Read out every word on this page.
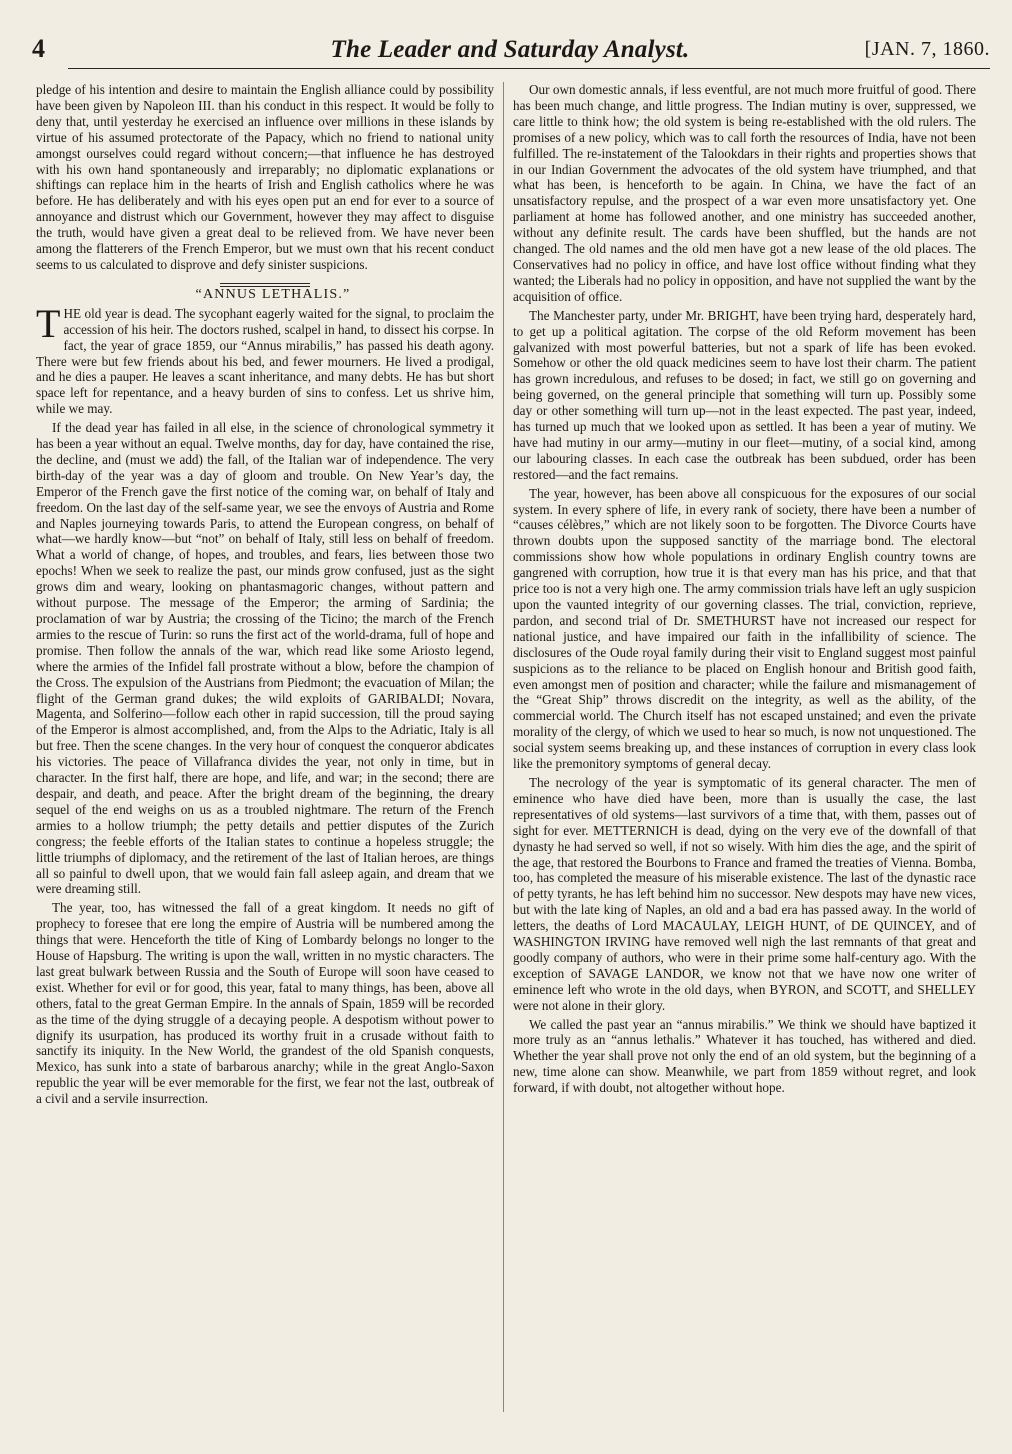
4	The Leader and Saturday Analyst.	[JAN. 7, 1860.

pledge of his intention and desire to maintain the English alliance could by possibility have been given by Napoleon III. than his conduct in this respect. It would be folly to deny that, until yesterday he exercised an influence over millions in these islands by virtue of his assumed protectorate of the Papacy, which no friend to national unity amongst ourselves could regard without concern;—that influence he has destroyed with his own hand spontaneously and irreparably; no diplomatic explanations or shiftings can replace him in the hearts of Irish and English catholics where he was before. He has deliberately and with his eyes open put an end for ever to a source of annoyance and distrust which our Government, however they may affect to disguise the truth, would have given a great deal to be relieved from. We have never been among the flatterers of the French Emperor, but we must own that his recent conduct seems to us calculated to disprove and defy sinister suspicions.

“ANNUS LETHALIS.”

THE old year is dead. The sycophant eagerly waited for the signal, to proclaim the accession of his heir. The doctors rushed, scalpel in hand, to dissect his corpse. In fact, the year of grace 1859, our “Annus mirabilis,” has passed his death agony. There were but few friends about his bed, and fewer mourners. He lived a prodigal, and he dies a pauper. He leaves a scant inheritance, and many debts. He has but short space left for repentance, and a heavy burden of sins to confess. Let us shrive him, while we may.

If the dead year has failed in all else, in the science of chronological symmetry it has been a year without an equal. Twelve months, day for day, have contained the rise, the decline, and (must we add) the fall, of the Italian war of independence. The very birth-day of the year was a day of gloom and trouble. On New Year’s day, the Emperor of the French gave the first notice of the coming war, on behalf of Italy and freedom. On the last day of the self-same year, we see the envoys of Austria and Rome and Naples journeying towards Paris, to attend the European congress, on behalf of what—we hardly know—but “not” on behalf of Italy, still less on behalf of freedom. What a world of change, of hopes, and troubles, and fears, lies between those two epochs! When we seek to realize the past, our minds grow confused, just as the sight grows dim and weary, looking on phantasmagoric changes, without pattern and without purpose. The message of the Emperor; the arming of Sardinia; the proclamation of war by Austria; the crossing of the Ticino; the march of the French armies to the rescue of Turin: so runs the first act of the world-drama, full of hope and promise. Then follow the annals of the war, which read like some Ariosto legend, where the armies of the Infidel fall prostrate without a blow, before the champion of the Cross. The expulsion of the Austrians from Piedmont; the evacuation of Milan; the flight of the German grand dukes; the wild exploits of GARIBALDI; Novara, Magenta, and Solferino—follow each other in rapid succession, till the proud saying of the Emperor is almost accomplished, and, from the Alps to the Adriatic, Italy is all but free. Then the scene changes. In the very hour of conquest the conqueror abdicates his victories. The peace of Villafranca divides the year, not only in time, but in character. In the first half, there are hope, and life, and war; in the second; there are despair, and death, and peace. After the bright dream of the beginning, the dreary sequel of the end weighs on us as a troubled nightmare. The return of the French armies to a hollow triumph; the petty details and pettier disputes of the Zurich congress; the feeble efforts of the Italian states to continue a hopeless struggle; the little triumphs of diplomacy, and the retirement of the last of Italian heroes, are things all so painful to dwell upon, that we would fain fall asleep again, and dream that we were dreaming still.

The year, too, has witnessed the fall of a great kingdom. It needs no gift of prophecy to foresee that ere long the empire of Austria will be numbered among the things that were. Henceforth the title of King of Lombardy belongs no longer to the House of Hapsburg. The writing is upon the wall, written in no mystic characters. The last great bulwark between Russia and the South of Europe will soon have ceased to exist. Whether for evil or for good, this year, fatal to many things, has been, above all others, fatal to the great German Empire. In the annals of Spain, 1859 will be recorded as the time of the dying struggle of a decaying people. A despotism without power to dignify its usurpation, has produced its worthy fruit in a crusade without faith to sanctify its iniquity. In the New World, the grandest of the old Spanish conquests, Mexico, has sunk into a state of barbarous anarchy; while in the great Anglo-Saxon republic the year will be ever memorable for the first, we fear not the last, outbreak of a civil and a servile insurrection.

Our own domestic annals, if less eventful, are not much more fruitful of good. There has been much change, and little progress. The Indian mutiny is over, suppressed, we care little to think how; the old system is being re-established with the old rulers. The promises of a new policy, which was to call forth the resources of India, have not been fulfilled. The re-instatement of the Talookdars in their rights and properties shows that in our Indian Government the advocates of the old system have triumphed, and that what has been, is henceforth to be again. In China, we have the fact of an unsatisfactory repulse, and the prospect of a war even more unsatisfactory yet. One parliament at home has followed another, and one ministry has succeeded another, without any definite result. The cards have been shuffled, but the hands are not changed. The old names and the old men have got a new lease of the old places. The Conservatives had no policy in office, and have lost office without finding what they wanted; the Liberals had no policy in opposition, and have not supplied the want by the acquisition of office.

The Manchester party, under Mr. BRIGHT, have been trying hard, desperately hard, to get up a political agitation. The corpse of the old Reform movement has been galvanized with most powerful batteries, but not a spark of life has been evoked. Somehow or other the old quack medicines seem to have lost their charm. The patient has grown incredulous, and refuses to be dosed; in fact, we still go on governing and being governed, on the general principle that something will turn up. Possibly some day or other something will turn up—not in the least expected. The past year, indeed, has turned up much that we looked upon as settled. It has been a year of mutiny. We have had mutiny in our army—mutiny in our fleet—mutiny, of a social kind, among our labouring classes. In each case the outbreak has been subdued, order has been restored—and the fact remains.

The year, however, has been above all conspicuous for the exposures of our social system. In every sphere of life, in every rank of society, there have been a number of “causes célèbres,” which are not likely soon to be forgotten. The Divorce Courts have thrown doubts upon the supposed sanctity of the marriage bond. The electoral commissions show how whole populations in ordinary English country towns are gangrened with corruption, how true it is that every man has his price, and that that price too is not a very high one. The army commission trials have left an ugly suspicion upon the vaunted integrity of our governing classes. The trial, conviction, reprieve, pardon, and second trial of Dr. SMETHURST have not increased our respect for national justice, and have impaired our faith in the infallibility of science. The disclosures of the Oude royal family during their visit to England suggest most painful suspicions as to the reliance to be placed on English honour and British good faith, even amongst men of position and character; while the failure and mismanagement of the “Great Ship” throws discredit on the integrity, as well as the ability, of the commercial world. The Church itself has not escaped unstained; and even the private morality of the clergy, of which we used to hear so much, is now not unquestioned. The social system seems breaking up, and these instances of corruption in every class look like the premonitory symptoms of general decay.

The necrology of the year is symptomatic of its general character. The men of eminence who have died have been, more than is usually the case, the last representatives of old systems—last survivors of a time that, with them, passes out of sight for ever. METTERNICH is dead, dying on the very eve of the downfall of that dynasty he had served so well, if not so wisely. With him dies the age, and the spirit of the age, that restored the Bourbons to France and framed the treaties of Vienna. Bomba, too, has completed the measure of his miserable existence. The last of the dynastic race of petty tyrants, he has left behind him no successor. New despots may have new vices, but with the late king of Naples, an old and a bad era has passed away. In the world of letters, the deaths of Lord MACAULAY, LEIGH HUNT, of DE QUINCEY, and of WASHINGTON IRVING have removed well nigh the last remnants of that great and goodly company of authors, who were in their prime some half-century ago. With the exception of SAVAGE LANDOR, we know not that we have now one writer of eminence left who wrote in the old days, when BYRON, and SCOTT, and SHELLEY were not alone in their glory.

We called the past year an “annus mirabilis.” We think we should have baptized it more truly as an “annus lethalis.” Whatever it has touched, has withered and died. Whether the year shall prove not only the end of an old system, but the beginning of a new, time alone can show. Meanwhile, we part from 1859 without regret, and look forward, if with doubt, not altogether without hope.
